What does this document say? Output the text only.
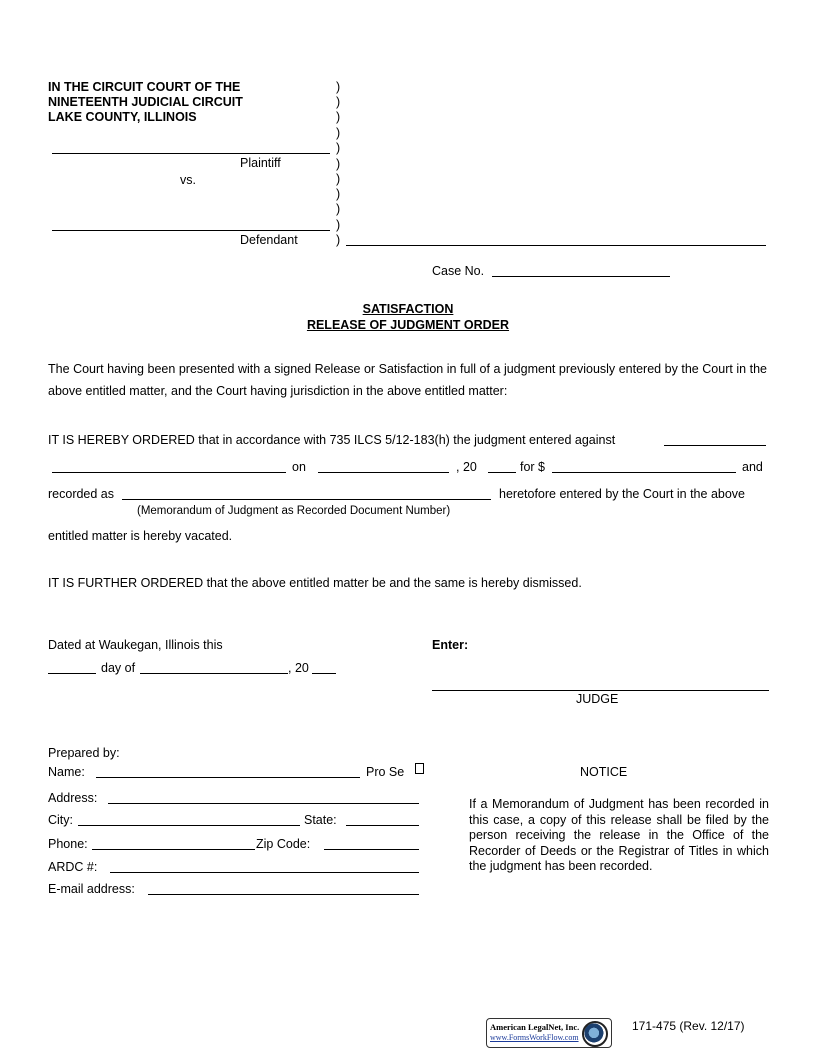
IN THE CIRCUIT COURT OF THE
NINETEENTH JUDICIAL CIRCUIT
LAKE COUNTY, ILLINOIS
)
)
)
)
)
)
)
)
)
)
)
Plaintiff
vs.
Defendant
Case No.
SATISFACTION
RELEASE OF JUDGMENT ORDER
The Court having been presented with a signed Release or Satisfaction in full of a judgment previously entered by the Court in the above entitled matter, and the Court having jurisdiction in the above entitled matter:
IT IS HEREBY ORDERED that in accordance with 735 ILCS 5/12-183(h) the judgment entered against
on	, 20	for $	and
recorded as	heretofore entered by the Court in the above
(Memorandum of Judgment as Recorded Document Number)
entitled matter is hereby vacated.
IT IS FURTHER ORDERED that the above entitled matter be and the same is hereby dismissed.
Dated at Waukegan, Illinois this
day of	, 20
Enter:
JUDGE
Prepared by:
Name:	Pro Se
Address:
City:	State:
Phone:	Zip Code:
ARDC #:
E-mail address:
NOTICE
If a Memorandum of Judgment has been recorded in this case, a copy of this release shall be filed by the person receiving the release in the Office of the Recorder of Deeds or the Registrar of Titles in which the judgment has been recorded.
American LegalNet, Inc.
www.FormsWorkFlow.com
171-475 (Rev. 12/17)
